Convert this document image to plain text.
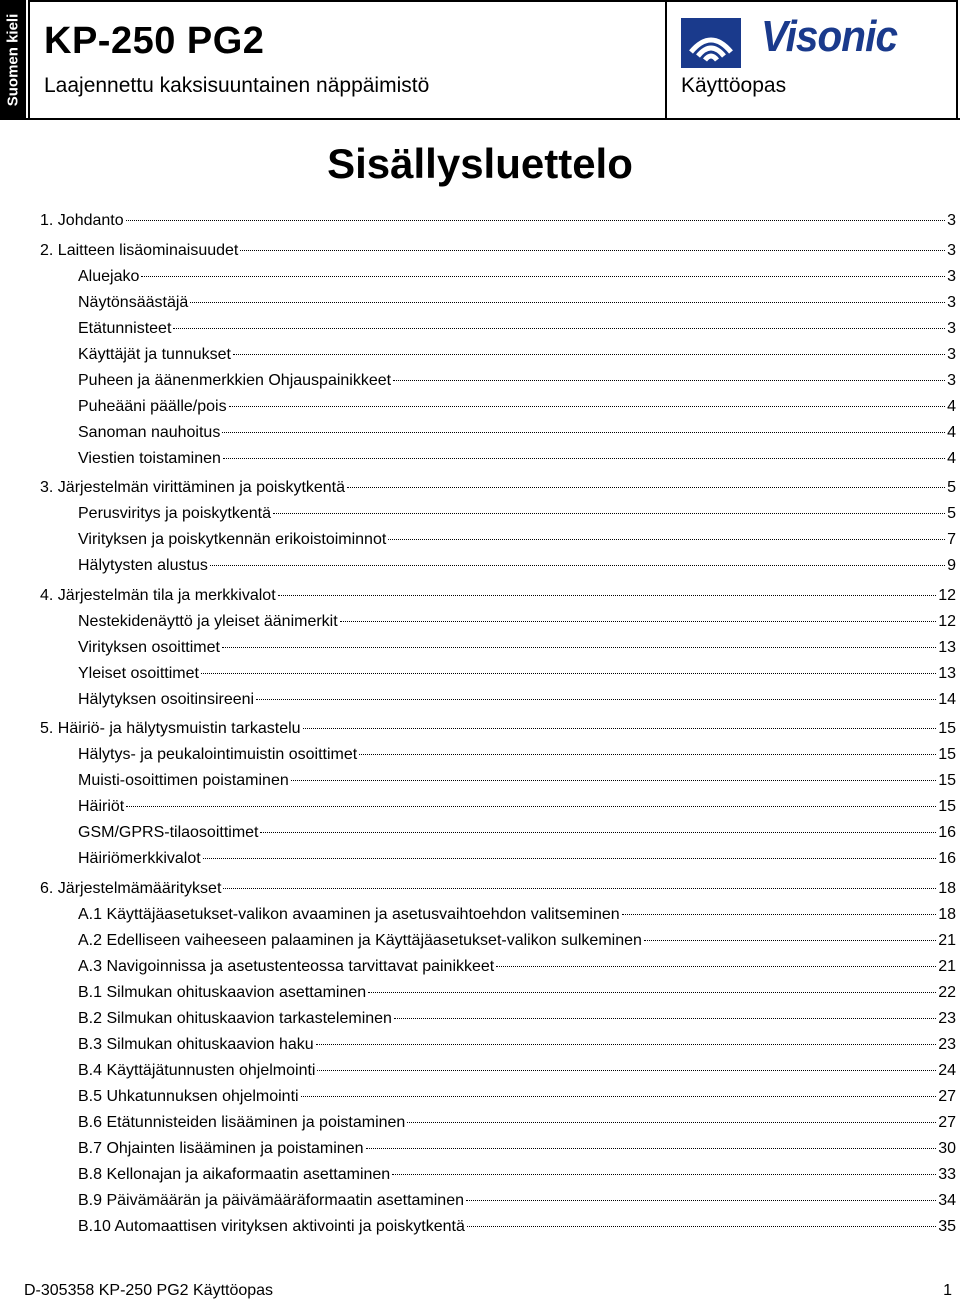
Suomen kieli KP-250 PG2
Laajennettu kaksisuuntainen näppäimistö
Visonic
Käyttöopas
Sisällysluettelo
1. Johdanto	3
2. Laitteen lisäominaisuudet	3
Aluejako	3
Näytönsäästäjä	3
Etätunnisteet	3
Käyttäjät ja tunnukset	3
Puheen ja äänenmerkkien Ohjauspainikkeet	3
Puheääni päälle/pois	4
Sanoman nauhoitus	4
Viestien toistaminen	4
3. Järjestelmän virittäminen ja poiskytkentä	5
Perusviritys ja poiskytkentä	5
Virityksen ja poiskytkennän erikoistoiminnot	7
Hälytysten alustus	9
4. Järjestelmän tila ja merkkivalot	12
Nestekidenäyttö ja yleiset äänimerkit	12
Virityksen osoittimet	13
Yleiset osoittimet	13
Hälytyksen osoitinsireeni	14
5. Häiriö- ja hälytysmuistin tarkastelu	15
Hälytys- ja peukalointimuistin osoittimet	15
Muisti-osoittimen poistaminen	15
Häiriöt	15
GSM/GPRS-tilaosoittimet	16
Häiriömerkkivalot	16
6. Järjestelmämääritykset	18
A.1 Käyttäjäasetukset-valikon avaaminen ja asetusvaihtoehdon valitseminen	18
A.2 Edelliseen vaiheeseen palaaminen ja Käyttäjäasetukset-valikon sulkeminen	21
A.3 Navigoinnissa ja asetustenteossa tarvittavat painikkeet	21
B.1 Silmukan ohituskaavion asettaminen	22
B.2 Silmukan ohituskaavion tarkasteleminen	23
B.3 Silmukan ohituskaavion haku	23
B.4 Käyttäjätunnusten ohjelmointi	24
B.5 Uhkatunnuksen ohjelmointi	27
B.6 Etätunnisteiden lisääminen ja poistaminen	27
B.7 Ohjainten lisääminen ja poistaminen	30
B.8 Kellonajan ja aikaformaatin asettaminen	33
B.9 Päivämäärän ja päivämääräformaatin asettaminen	34
B.10 Automaattisen virityksen aktivointi ja poiskytkentä	35
D-305358 KP-250 PG2 Käyttöopas	1
